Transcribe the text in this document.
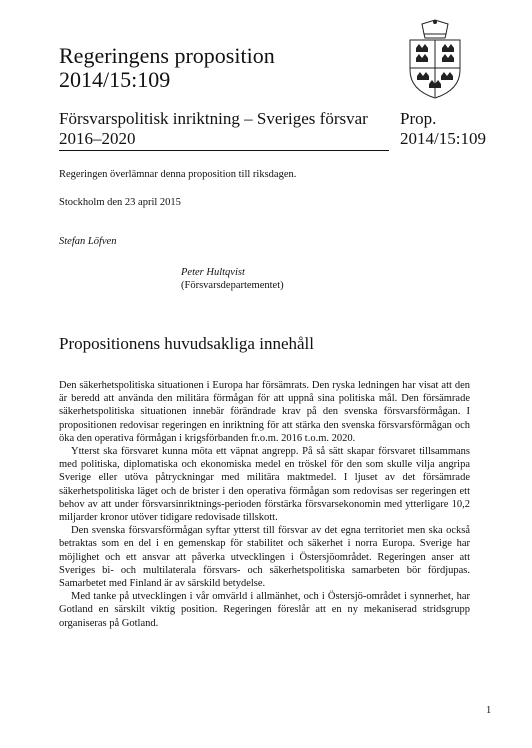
Regeringens proposition
2014/15:109
Försvarspolitisk inriktning – Sveriges försvar
2016–2020
Prop.
2014/15:109
Regeringen överlämnar denna proposition till riksdagen.
Stockholm den 23 april 2015
Stefan Löfven
Peter Hultqvist
(Försvarsdepartementet)
Propositionens huvudsakliga innehåll

Den säkerhetspolitiska situationen i Europa har försämrats. Den ryska ledningen har visat att den är beredd att använda den militära förmågan för att uppnå sina politiska mål. Den försämrade säkerhetspolitiska situationen innebär förändrade krav på den svenska försvarsförmågan. I propositionen redovisar regeringen en inriktning för att stärka den svenska försvarsförmågan och öka den operativa förmågan i krigsförbanden fr.o.m. 2016 t.o.m. 2020.

Ytterst ska försvaret kunna möta ett väpnat angrepp. På så sätt skapar försvaret tillsammans med politiska, diplomatiska och ekonomiska medel en tröskel för den som skulle vilja angripa Sverige eller utöva påtryckningar med militära maktmedel. I ljuset av det försämrade säkerhetspolitiska läget och de brister i den operativa förmågan som redovisas ser regeringen ett behov av att under försvarsinriktnings-perioden förstärka försvarsekonomin med ytterligare 10,2 miljarder kronor utöver tidigare redovisade tillskott.

Den svenska försvarsförmågan syftar ytterst till försvar av det egna territoriet men ska också betraktas som en del i en gemenskap för stabilitet och säkerhet i norra Europa. Sverige har möjlighet och ett ansvar att påverka utvecklingen i Östersjöområdet. Regeringen anser att Sveriges bi- och multilaterala försvars- och säkerhetspolitiska samarbeten bör fördjupas. Samarbetet med Finland är av särskild betydelse.

Med tanke på utvecklingen i vår omvärld i allmänhet, och i Östersjö-området i synnerhet, har Gotland en särskilt viktig position. Regeringen föreslår att en ny mekaniserad stridsgrupp organiseras på Gotland.

1
